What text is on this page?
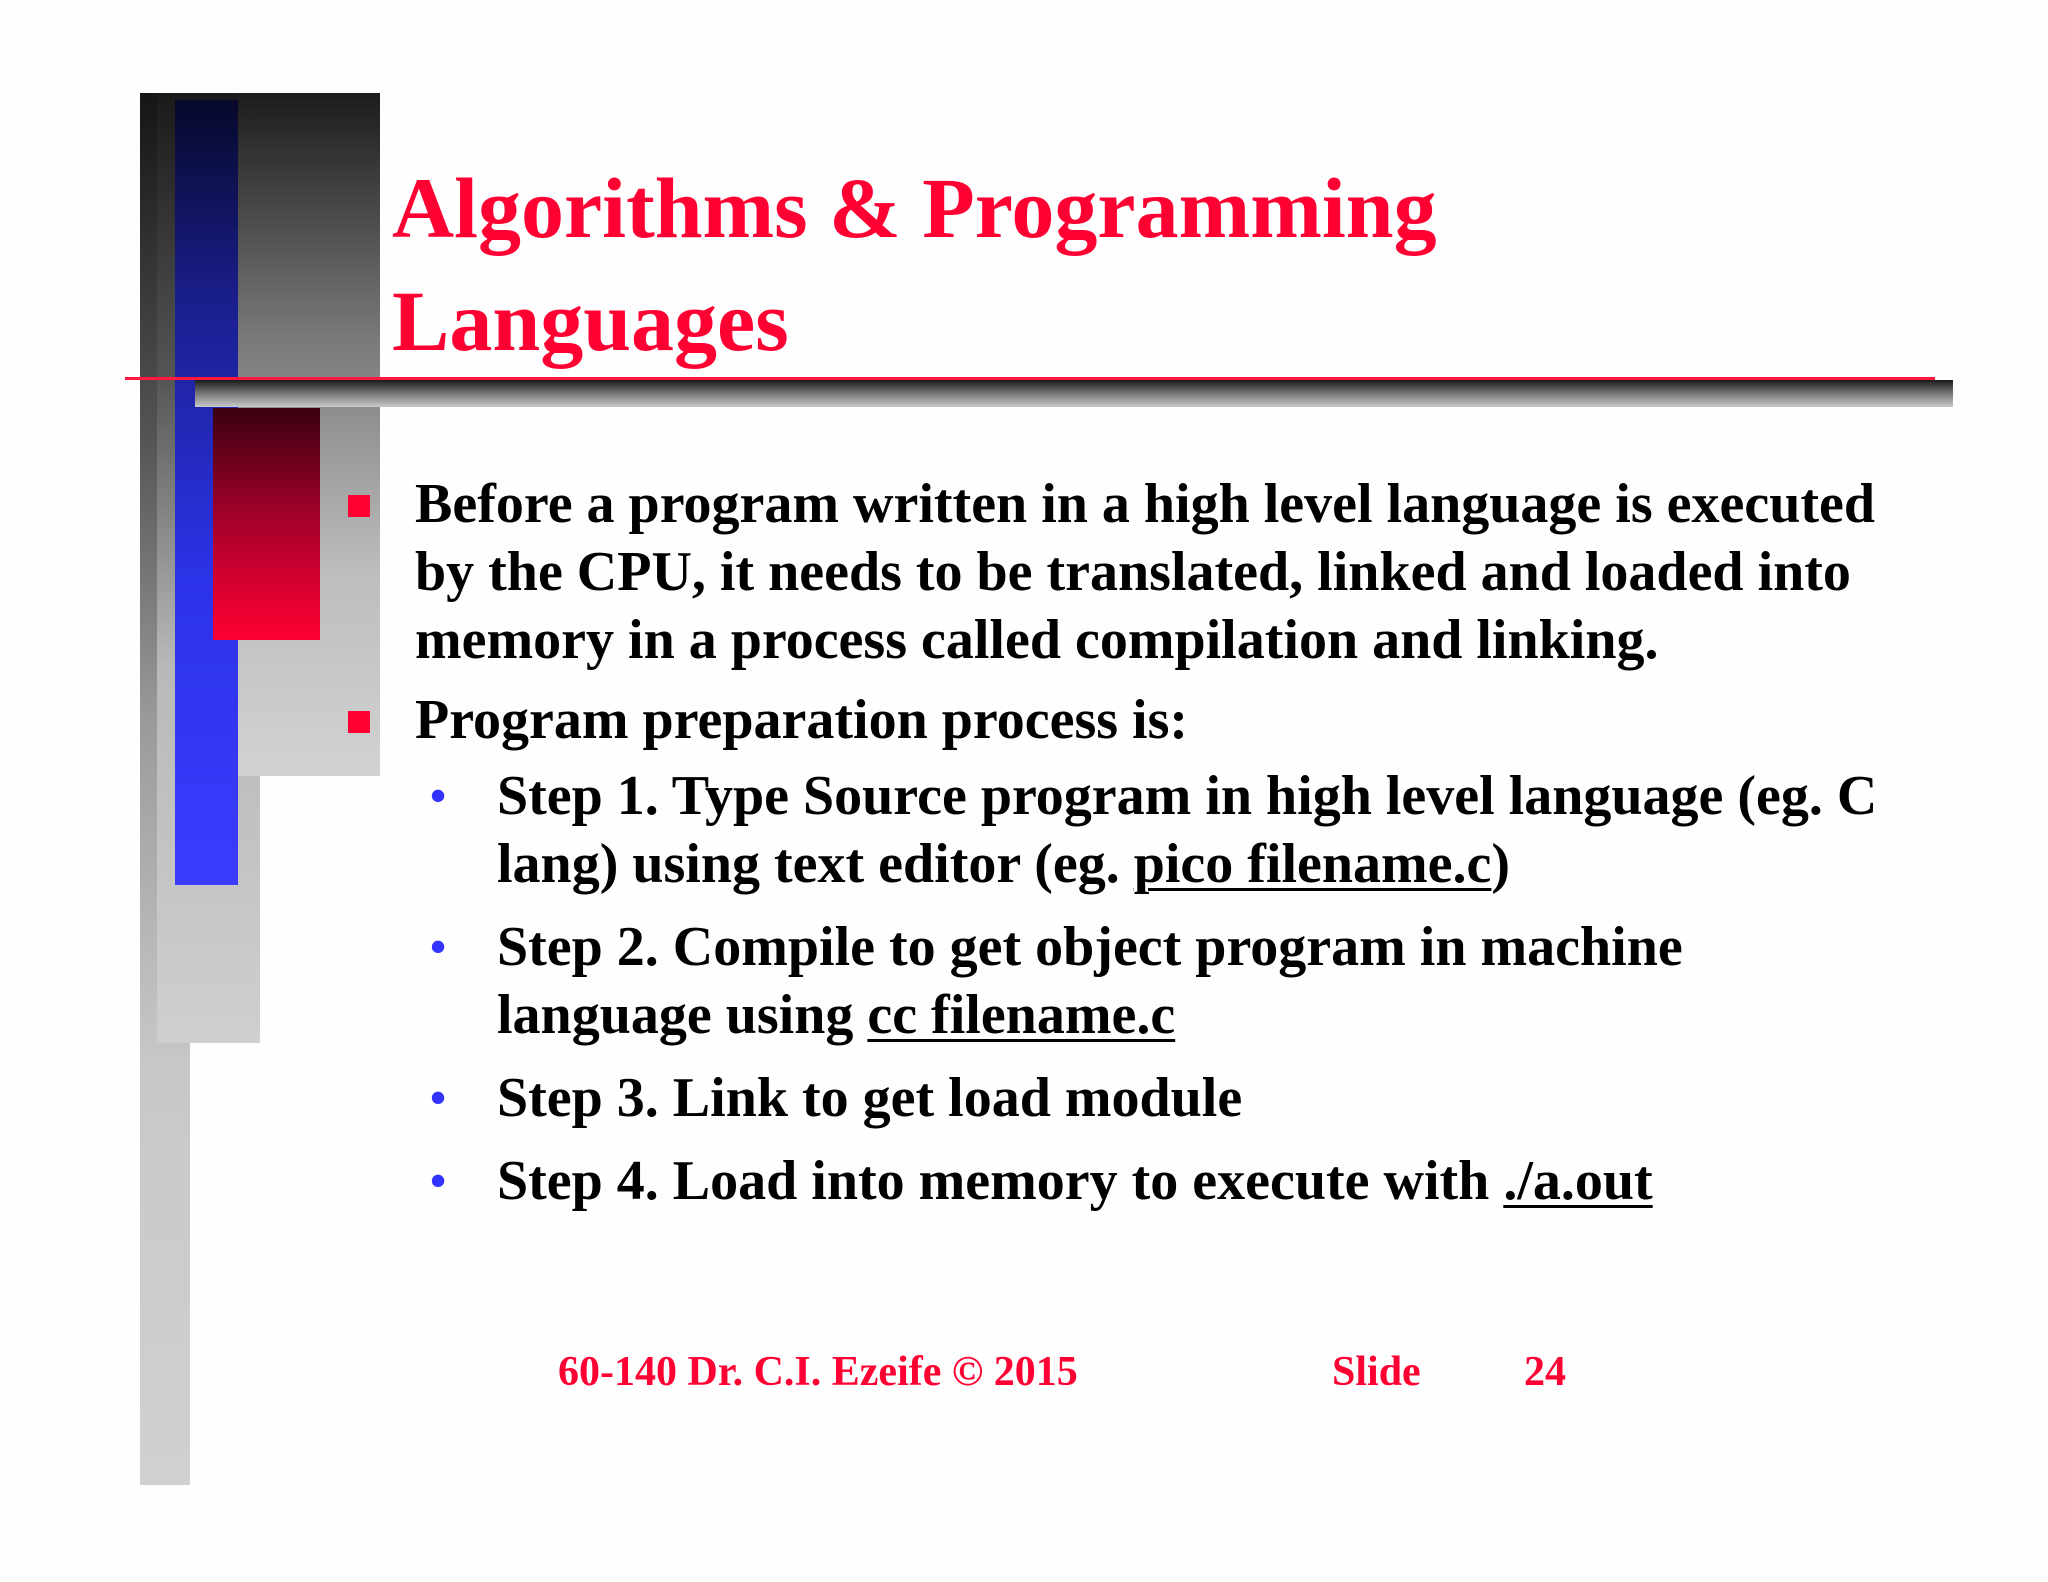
Algorithms & Programming
Languages
Before a program written in a high level language is executed by the CPU, it needs to be translated, linked and loaded into memory in a process called compilation and linking.
Program preparation process is:
• Step 1. Type Source program in high level language (eg. C lang) using text editor (eg. pico filename.c)
• Step 2. Compile to get object program in machine language using cc filename.c
• Step 3. Link to get load module
• Step 4. Load into memory to execute with ./a.out
60-140 Dr. C.I. Ezeife © 2015	Slide 24
